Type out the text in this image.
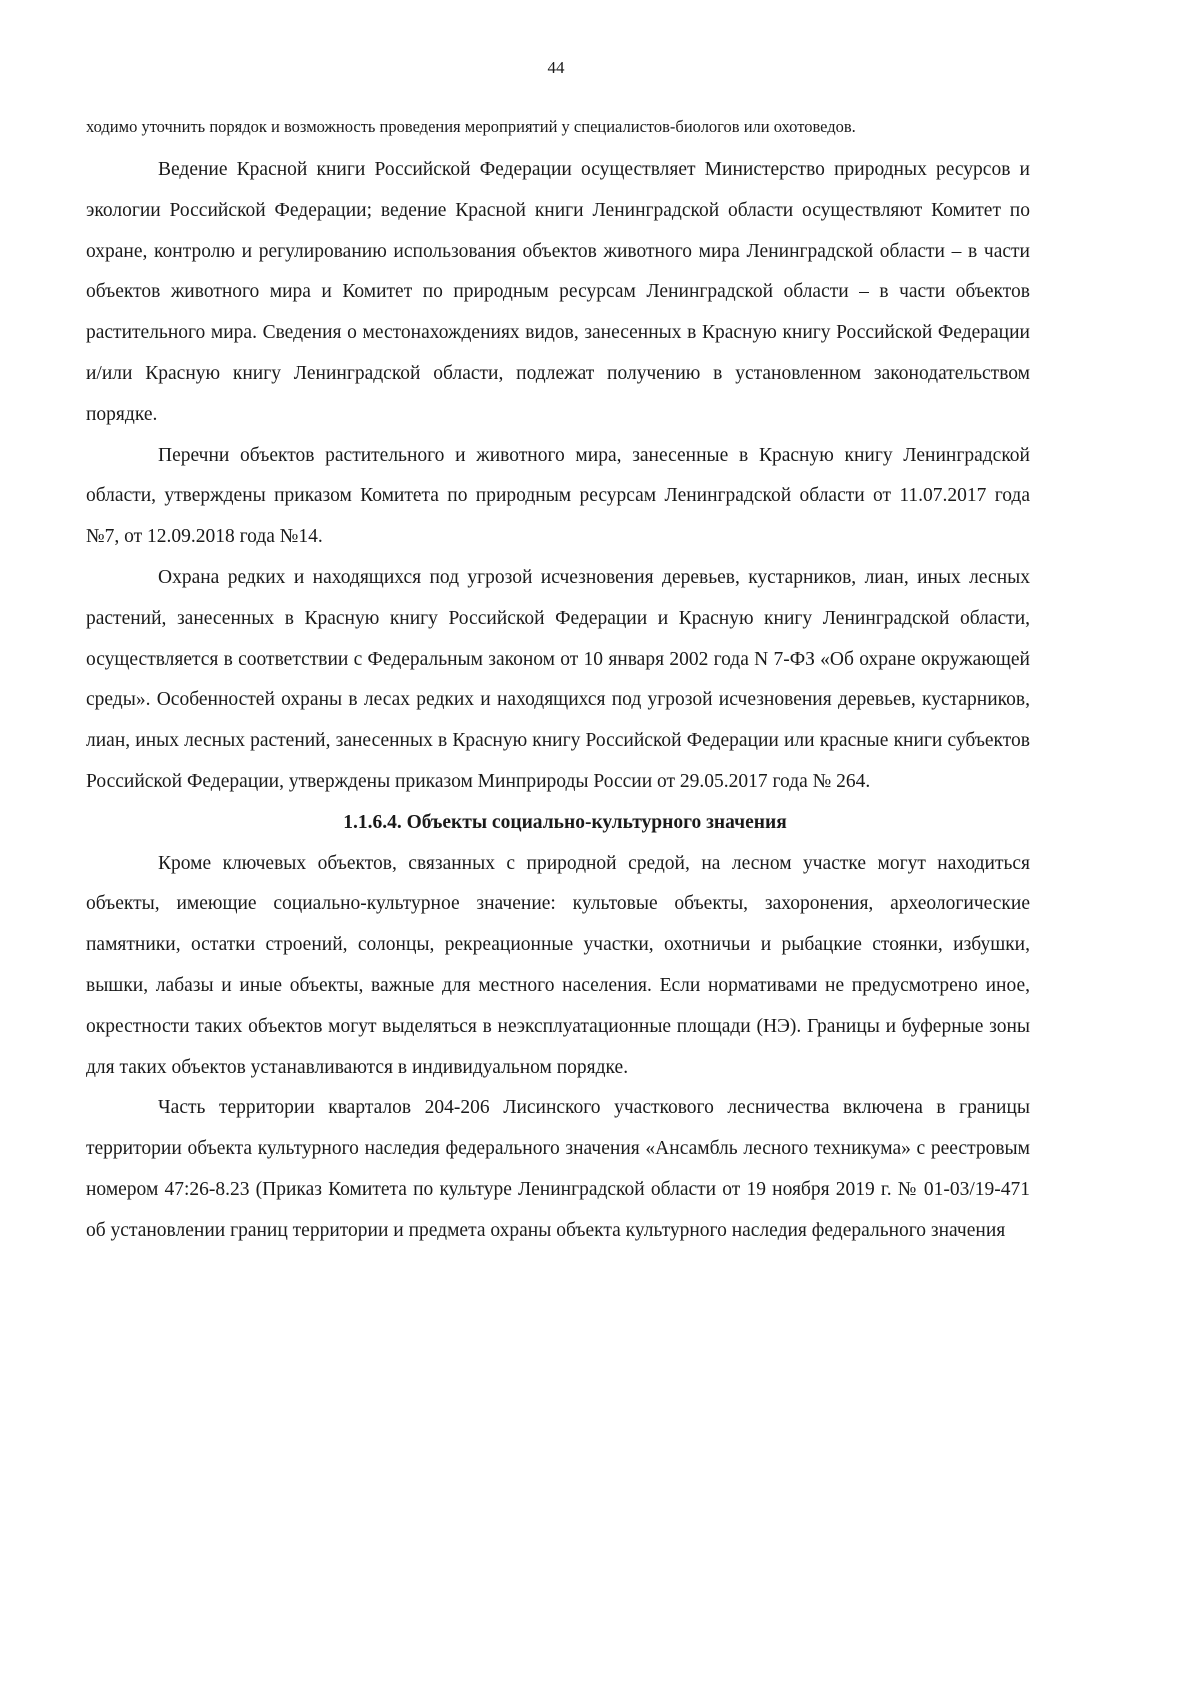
44

ходимо уточнить порядок и возможность проведения мероприятий у специалистов-биологов или охотоведов.

Ведение Красной книги Российской Федерации осуществляет Министерство природных ресурсов и экологии Российской Федерации; ведение Красной книги Ленинградской области осуществляют Комитет по охране, контролю и регулированию использования объектов животного мира Ленинградской области – в части объектов животного мира и Комитет по природным ресурсам Ленинградской области – в части объектов растительного мира. Сведения о местонахождениях видов, занесенных в Красную книгу Российской Федерации и/или Красную книгу Ленинградской области, подлежат получению в установленном законодательством порядке.

Перечни объектов растительного и животного мира, занесенные в Красную книгу Ленинградской области, утверждены приказом Комитета по природным ресурсам Ленинградской области от 11.07.2017 года №7, от 12.09.2018 года №14.

Охрана редких и находящихся под угрозой исчезновения деревьев, кустарников, лиан, иных лесных растений, занесенных в Красную книгу Российской Федерации и Красную книгу Ленинградской области, осуществляется в соответствии с Федеральным законом от 10 января 2002 года N 7-ФЗ «Об охране окружающей среды». Особенностей охраны в лесах редких и находящихся под угрозой исчезновения деревьев, кустарников, лиан, иных лесных растений, занесенных в Красную книгу Российской Федерации или красные книги субъектов Российской Федерации, утверждены приказом Минприроды России от 29.05.2017 года № 264.

1.1.6.4. Объекты социально-культурного значения

Кроме ключевых объектов, связанных с природной средой, на лесном участке могут находиться объекты, имеющие социально-культурное значение: культовые объекты, захоронения, археологические памятники, остатки строений, солонцы, рекреационные участки, охотничьи и рыбацкие стоянки, избушки, вышки, лабазы и иные объекты, важные для местного населения. Если нормативами не предусмотрено иное, окрестности таких объектов могут выделяться в неэксплуатационные площади (НЭ). Границы и буферные зоны для таких объектов устанавливаются в индивидуальном порядке.

Часть территории кварталов 204-206 Лисинского участкового лесничества включена в границы территории объекта культурного наследия федерального значения «Ансамбль лесного техникума» с реестровым номером 47:26-8.23 (Приказ Комитета по культуре Ленинградской области от 19 ноября 2019 г. № 01-03/19-471 об установлении границ территории и предмета охраны объекта культурного наследия федерального значения
